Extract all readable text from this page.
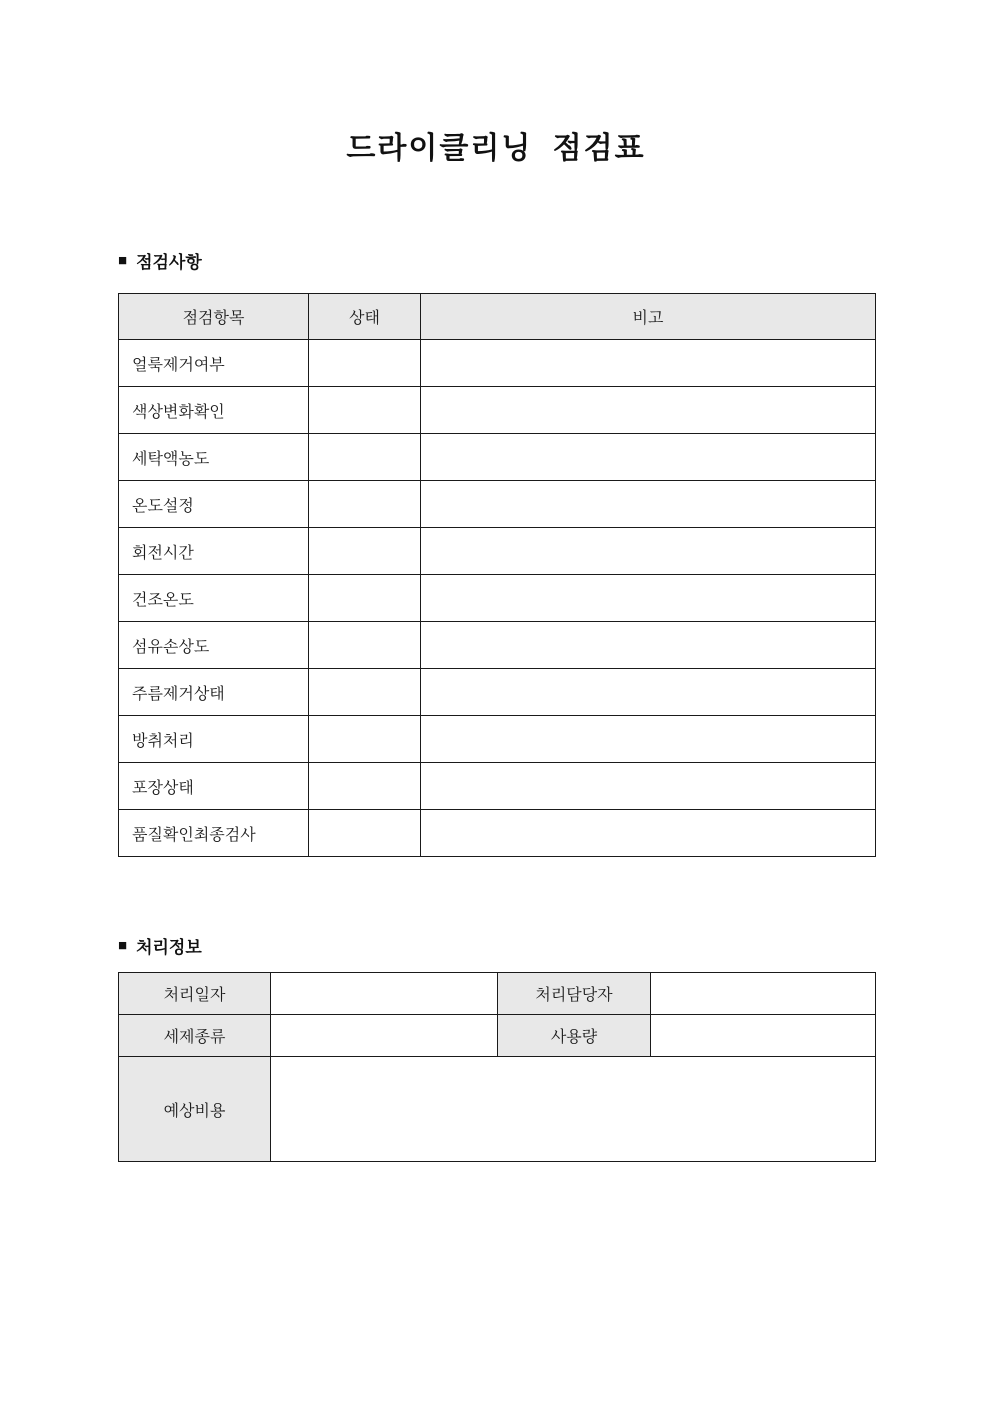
드라이클리닝 점검표
■ 점검사항
점검항목	상태	비고
얼룩제거여부		
색상변화확인		
세탁액농도		
온도설정		
회전시간		
건조온도		
섬유손상도		
주름제거상태		
방취처리		
포장상태		
품질확인최종검사		
■ 처리정보
처리일자		처리담당자	
세제종류		사용량	
예상비용			
